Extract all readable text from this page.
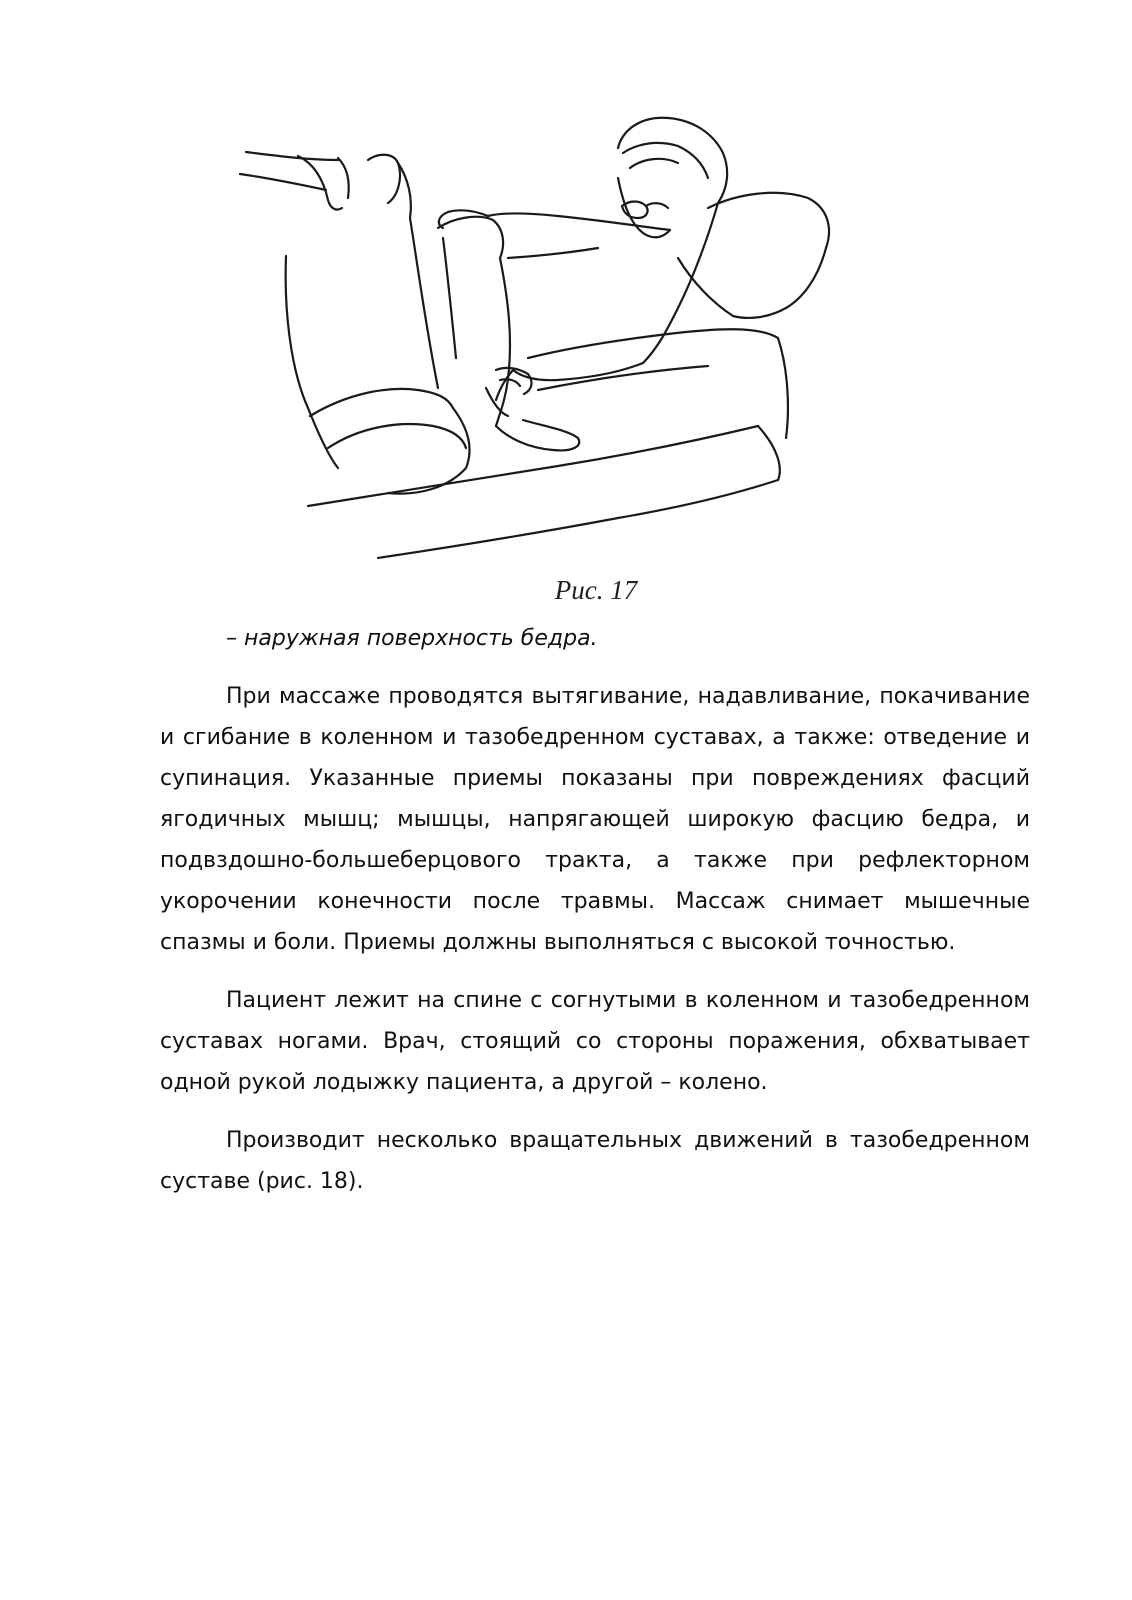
Рис. 17

– наружная поверхность бедра.

При массаже проводятся вытягивание, надавливание, покачивание и сгибание в коленном и тазобедренном суставах, а также: отведение и супинация. Указанные приемы показаны при повреждениях фасций ягодичных мышц; мышцы, напрягающей широкую фасцию бедра, и подвздошно-большеберцового тракта, а также при рефлекторном укорочении конечности после травмы. Массаж снимает мышечные спазмы и боли. Приемы должны выполняться с высокой точностью.

Пациент лежит на спине с согнутыми в коленном и тазобедренном суставах ногами. Врач, стоящий со стороны поражения, обхватывает одной рукой лодыжку пациента, а другой – колено.

Производит несколько вращательных движений в тазобедренном суставе (рис. 18).
